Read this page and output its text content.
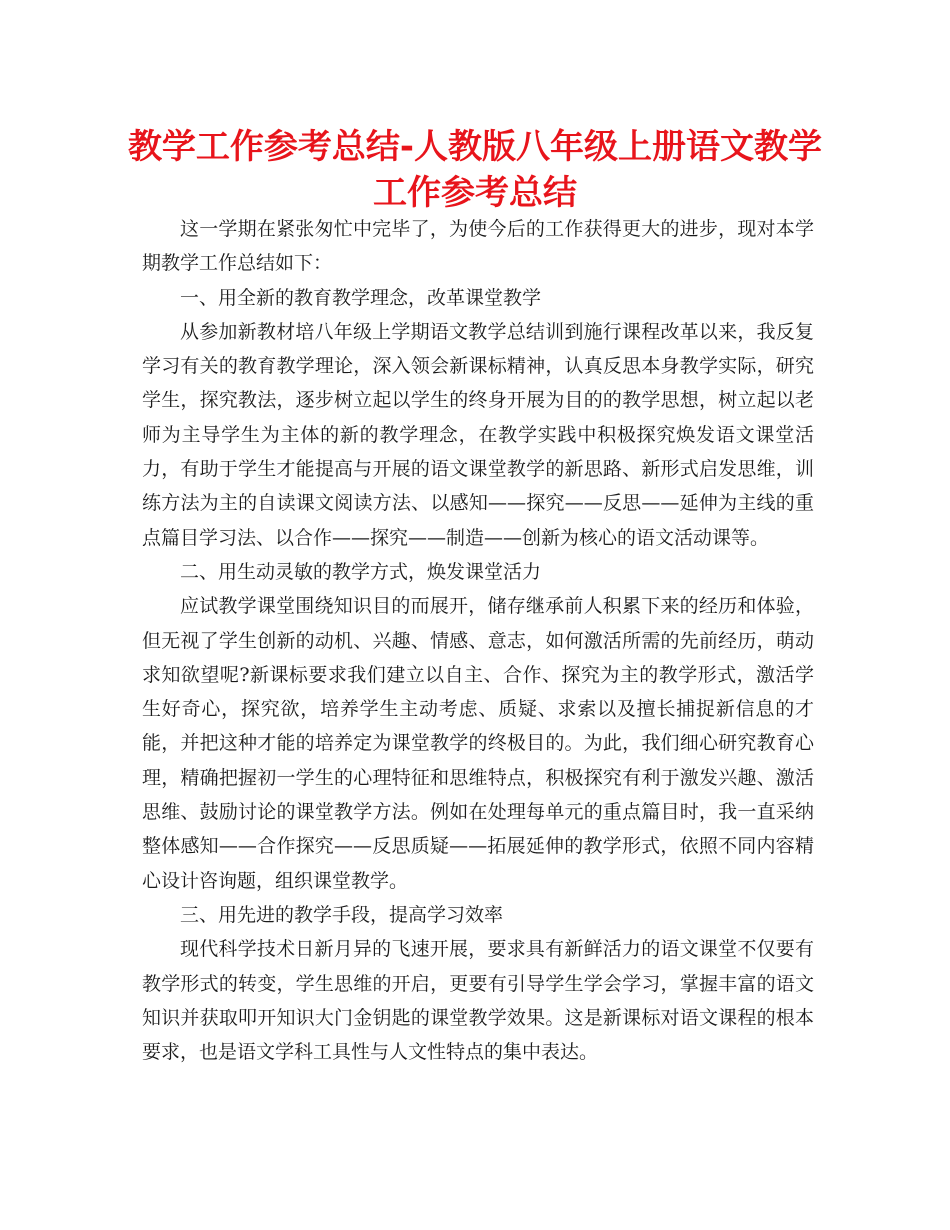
教学工作参考总结-人教版八年级上册语文教学工作参考总结

这一学期在紧张匆忙中完毕了，为使今后的工作获得更大的进步，现对本学期教学工作总结如下：

一、用全新的教育教学理念，改革课堂教学

从参加新教材培八年级上学期语文教学总结训到施行课程改革以来，我反复学习有关的教育教学理论，深入领会新课标精神，认真反思本身教学实际，研究学生，探究教法，逐步树立起以学生的终身开展为目的的教学思想，树立起以老师为主导学生为主体的新的教学理念，在教学实践中积极探究焕发语文课堂活力，有助于学生才能提高与开展的语文课堂教学的新思路、新形式启发思维，训练方法为主的自读课文阅读方法、以感知——探究——反思——延伸为主线的重点篇目学习法、以合作——探究——制造——创新为核心的语文活动课等。

二、用生动灵敏的教学方式，焕发课堂活力

应试教学课堂围绕知识目的而展开，储存继承前人积累下来的经历和体验，但无视了学生创新的动机、兴趣、情感、意志，如何激活所需的先前经历，萌动求知欲望呢?新课标要求我们建立以自主、合作、探究为主的教学形式，激活学生好奇心，探究欲，培养学生主动考虑、质疑、求索以及擅长捕捉新信息的才能，并把这种才能的培养定为课堂教学的终极目的。为此，我们细心研究教育心理，精确把握初一学生的心理特征和思维特点，积极探究有利于激发兴趣、激活思维、鼓励讨论的课堂教学方法。例如在处理每单元的重点篇目时，我一直采纳整体感知——合作探究——反思质疑——拓展延伸的教学形式，依照不同内容精心设计咨询题，组织课堂教学。

三、用先进的教学手段，提高学习效率

现代科学技术日新月异的飞速开展，要求具有新鲜活力的语文课堂不仅要有教学形式的转变，学生思维的开启，更要有引导学生学会学习，掌握丰富的语文知识并获取叩开知识大门金钥匙的课堂教学效果。这是新课标对语文课程的根本要求，也是语文学科工具性与人文性特点的集中表达。
